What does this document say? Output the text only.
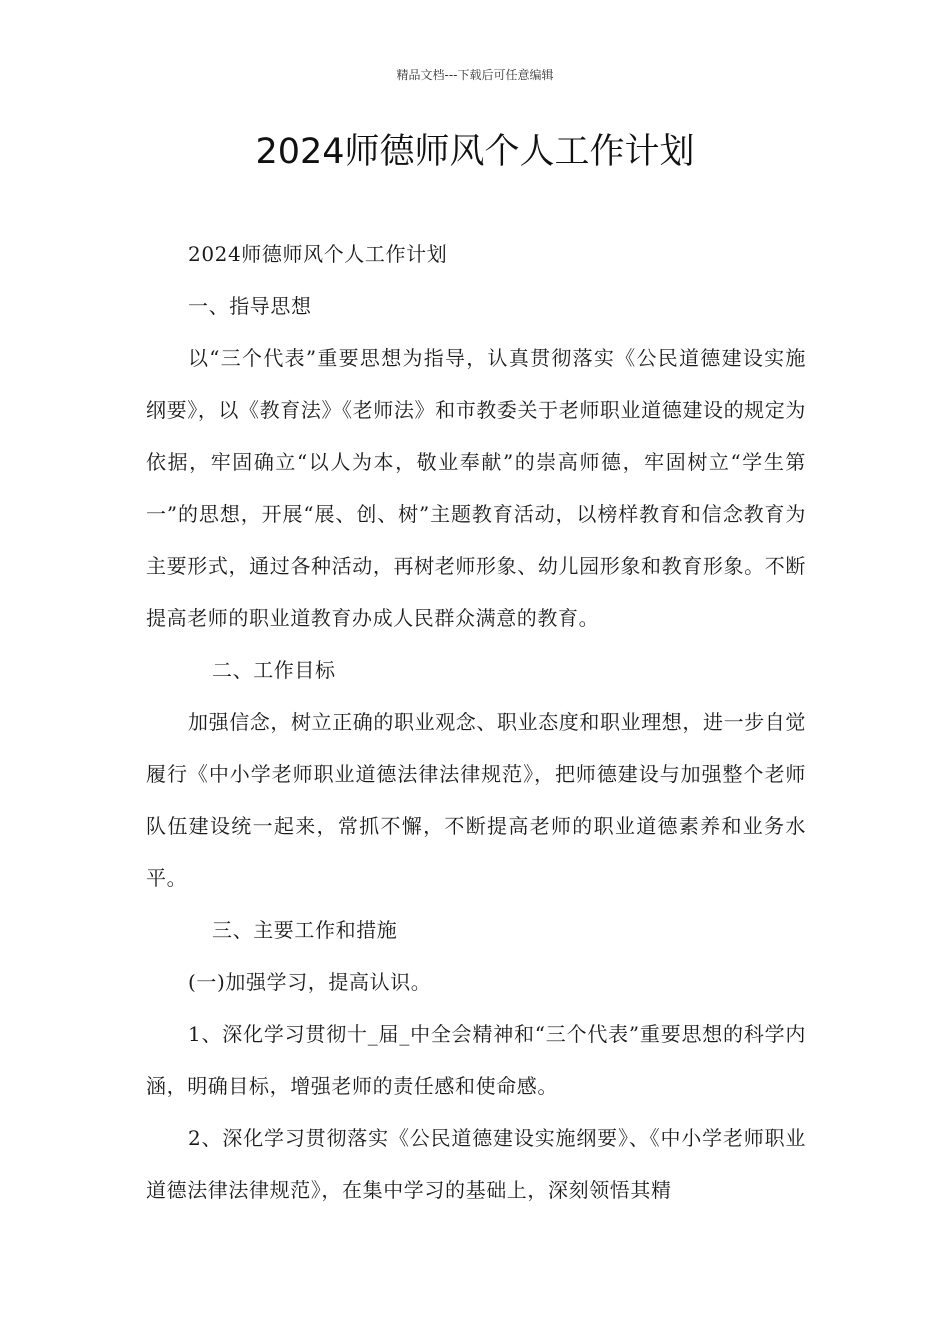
精品文档---下载后可任意编辑
2024师德师风个人工作计划

2024师德师风个人工作计划

一、指导思想

以“三个代表”重要思想为指导，认真贯彻落实《公民道德建设实施纲要》，以《教育法》《老师法》和市教委关于老师职业道德建设的规定为依据，牢固确立“以人为本，敬业奉献”的崇高师德，牢固树立“学生第一”的思想，开展“展、创、树”主题教育活动，以榜样教育和信念教育为主要形式，通过各种活动，再树老师形象、幼儿园形象和教育形象。不断提高老师的职业道教育办成人民群众满意的教育。

二、工作目标

加强信念，树立正确的职业观念、职业态度和职业理想，进一步自觉履行《中小学老师职业道德法律法律规范》，把师德建设与加强整个老师队伍建设统一起来，常抓不懈，不断提高老师的职业道德素养和业务水平。

三、主要工作和措施

(一)加强学习，提高认识。

1、深化学习贯彻十_届_中全会精神和“三个代表”重要思想的科学内涵，明确目标，增强老师的责任感和使命感。

2、深化学习贯彻落实《公民道德建设实施纲要》、《中小学老师职业道德法律法律规范》，在集中学习的基础上，深刻领悟其精
